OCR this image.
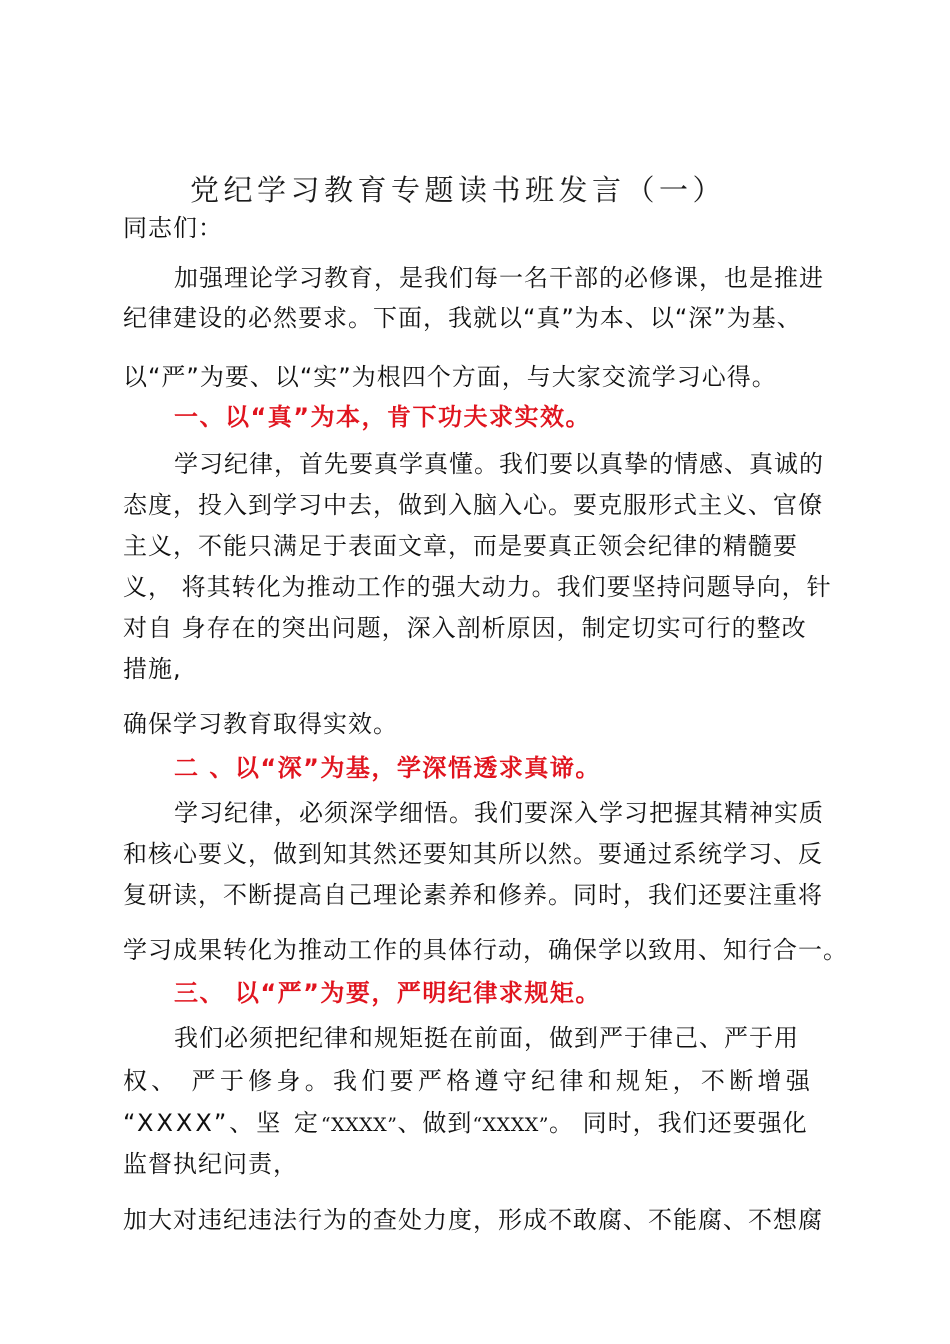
党纪学习教育专题读书班发言（一）
同志们：
加强理论学习教育，是我们每一名干部的必修课，也是推进
纪律建设的必然要求。下面，我就以“真”为本、以“深”为基、
以“严”为要、以“实”为根四个方面，与大家交流学习心得。
一、以“真”为本，肯下功夫求实效。
学习纪律，首先要真学真懂。我们要以真挚的情感、真诚的
态度，投入到学习中去，做到入脑入心。要克服形式主义、官僚
主义，不能只满足于表面文章，而是要真正领会纪律的精髓要
义， 将其转化为推动工作的强大动力。我们要坚持问题导向，针
对自 身存在的突出问题，深入剖析原因，制定切实可行的整改
措施,
确保学习教育取得实效。
二 、以“深”为基，学深悟透求真谛。
学习纪律，必须深学细悟。我们要深入学习把握其精神实质
和核心要义，做到知其然还要知其所以然。要通过系统学习、反
复研读，不断提高自己理论素养和修养。同时，我们还要注重将
学习成果转化为推动工作的具体行动，确保学以致用、知行合一。
三、 以“严”为要，严明纪律求规矩。
我们必须把纪律和规矩挺在前面，做到严于律己、严于用
权、 严于修身。我们要严格遵守纪律和规矩，不断增强
“XXXX”、坚 定“XXXX”、做到“XXXX”。 同时，我们还要强化
监督执纪问责，
加大对违纪违法行为的查处力度，形成不敢腐、不能腐、不想腐
